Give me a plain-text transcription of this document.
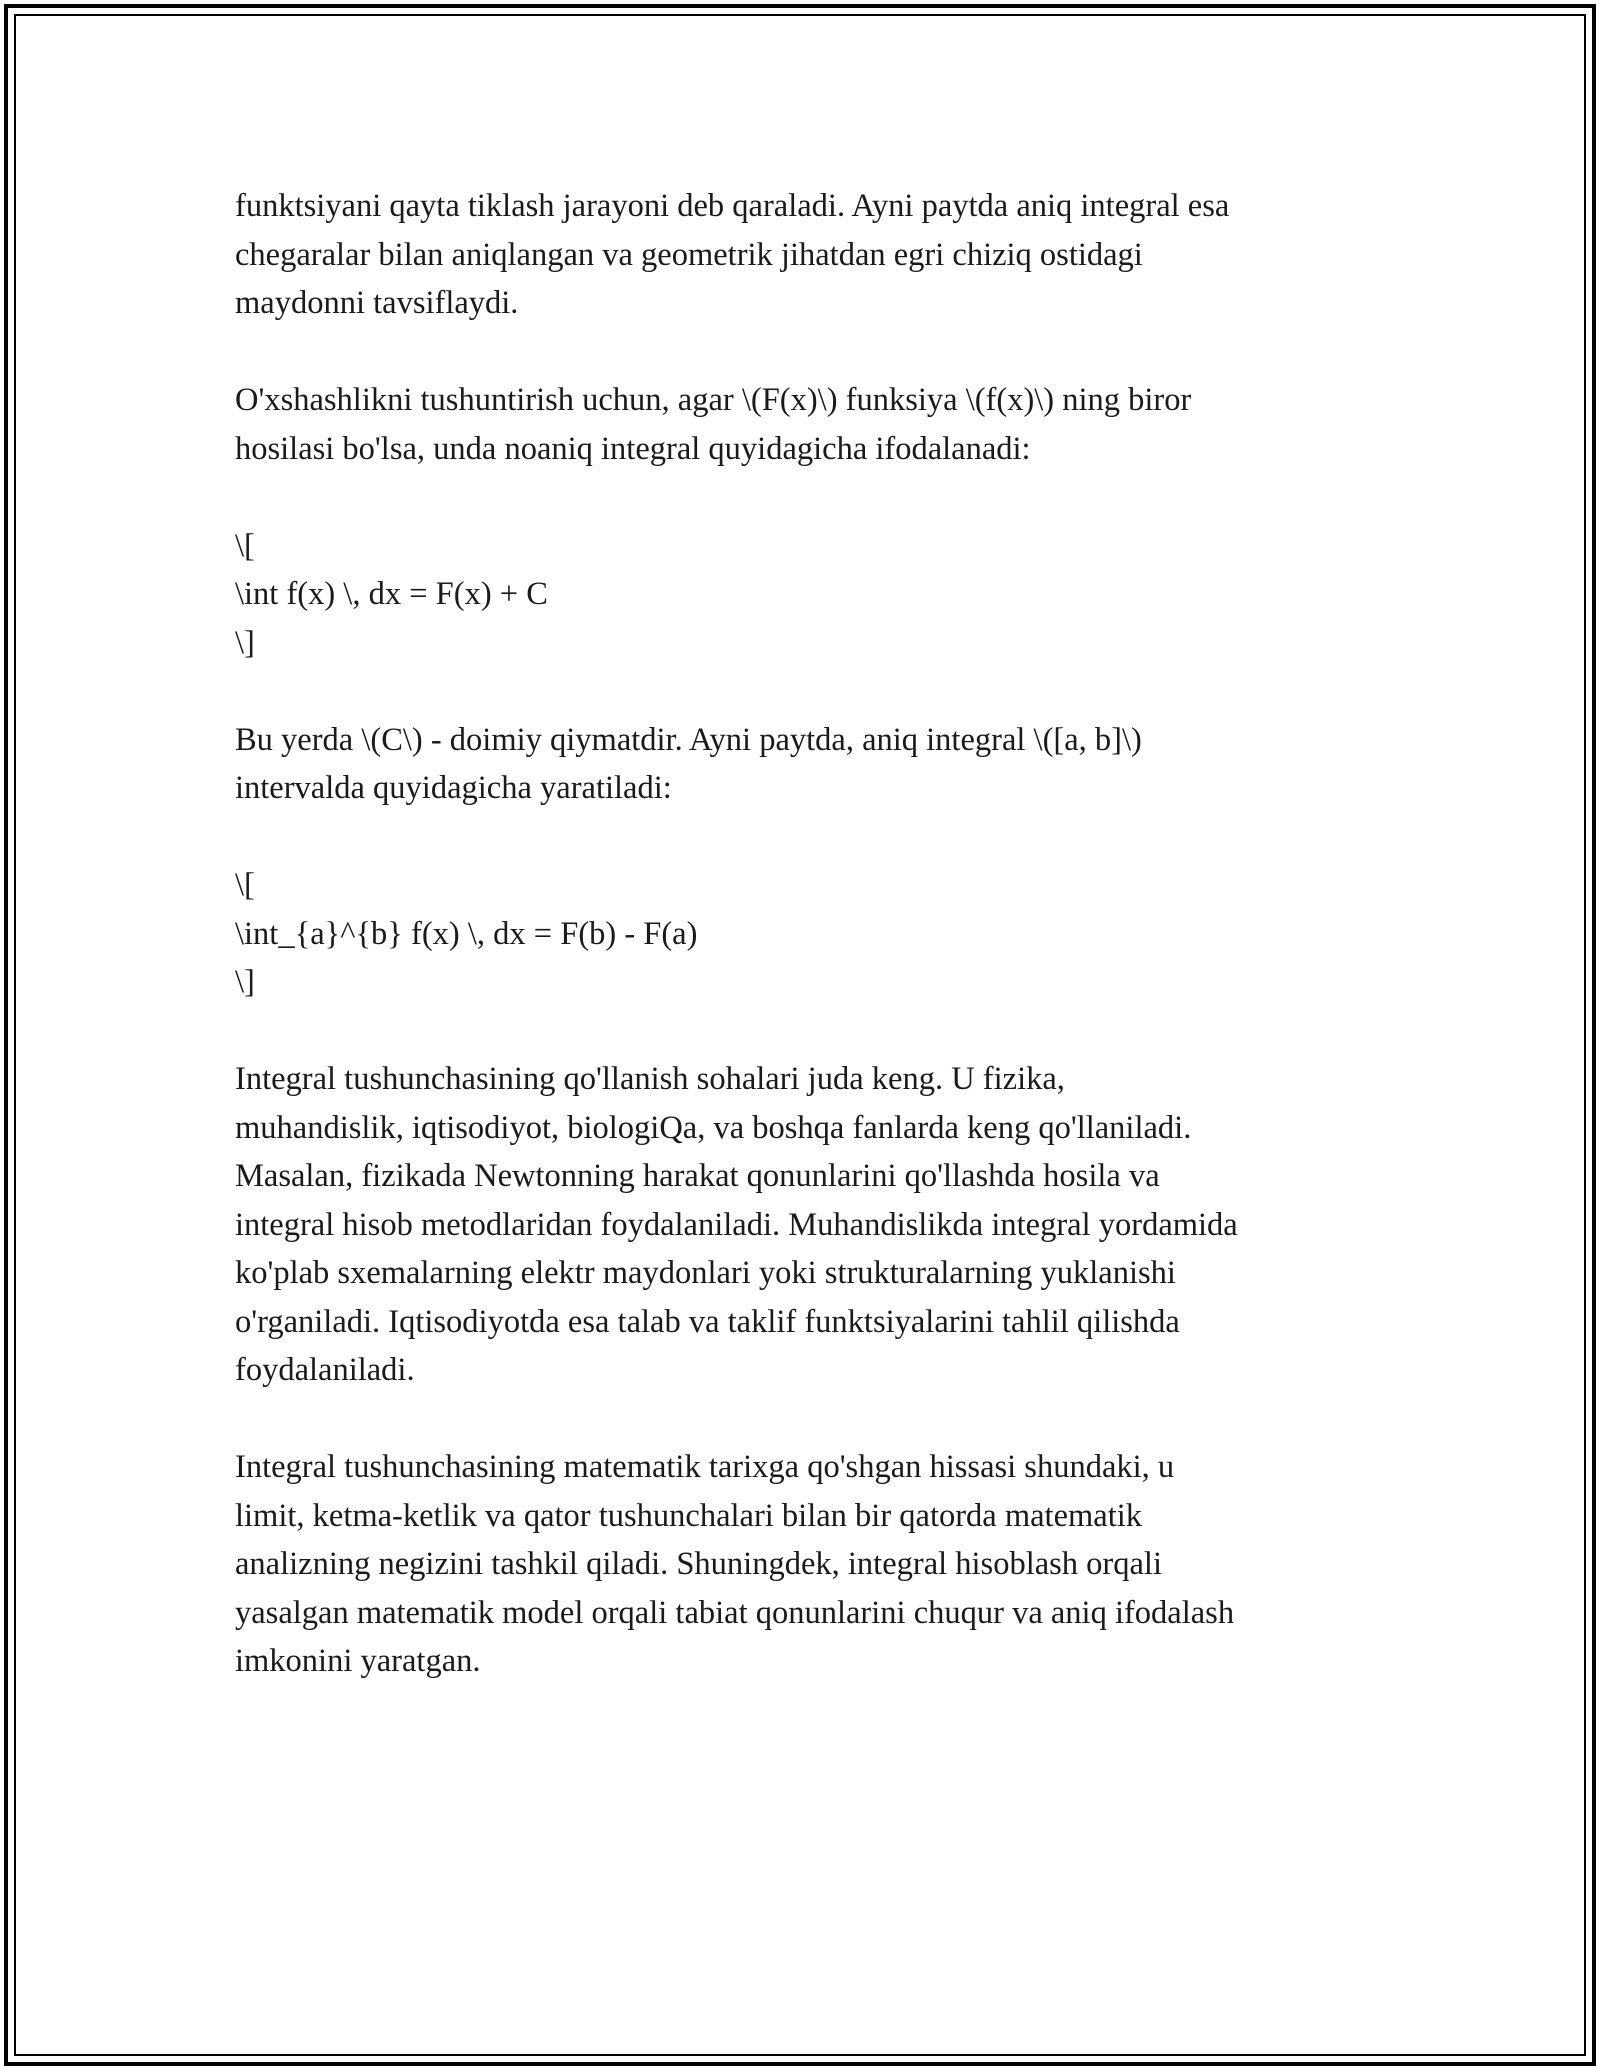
funktsiyani qayta tiklash jarayoni deb qaraladi. Ayni paytda aniq integral esa
chegaralar bilan aniqlangan va geometrik jihatdan egri chiziq ostidagi
maydonni tavsiflaydi.

O'xshashlikni tushuntirish uchun, agar \(F(x)\) funksiya \(f(x)\) ning biror
hosilasi bo'lsa, unda noaniq integral quyidagicha ifodalanadi:

\[
\int f(x) \, dx = F(x) + C
\]

Bu yerda \(C\) - doimiy qiymatdir. Ayni paytda, aniq integral \([a, b]\)
intervalda quyidagicha yaratiladi:

\[
\int_{a}^{b} f(x) \, dx = F(b) - F(a)
\]

Integral tushunchasining qo'llanish sohalari juda keng. U fizika,
muhandislik, iqtisodiyot, biologiQa, va boshqa fanlarda keng qo'llaniladi.
Masalan, fizikada Newtonning harakat qonunlarini qo'llashda hosila va
integral hisob metodlaridan foydalaniladi. Muhandislikda integral yordamida
ko'plab sxemalarning elektr maydonlari yoki strukturalarning yuklanishi
o'rganiladi. Iqtisodiyotda esa talab va taklif funktsiyalarini tahlil qilishda
foydalaniladi.

Integral tushunchasining matematik tarixga qo'shgan hissasi shundaki, u
limit, ketma-ketlik va qator tushunchalari bilan bir qatorda matematik
analizning negizini tashkil qiladi. Shuningdek, integral hisoblash orqali
yasalgan matematik model orqali tabiat qonunlarini chuqur va aniq ifodalash
imkonini yaratgan.
